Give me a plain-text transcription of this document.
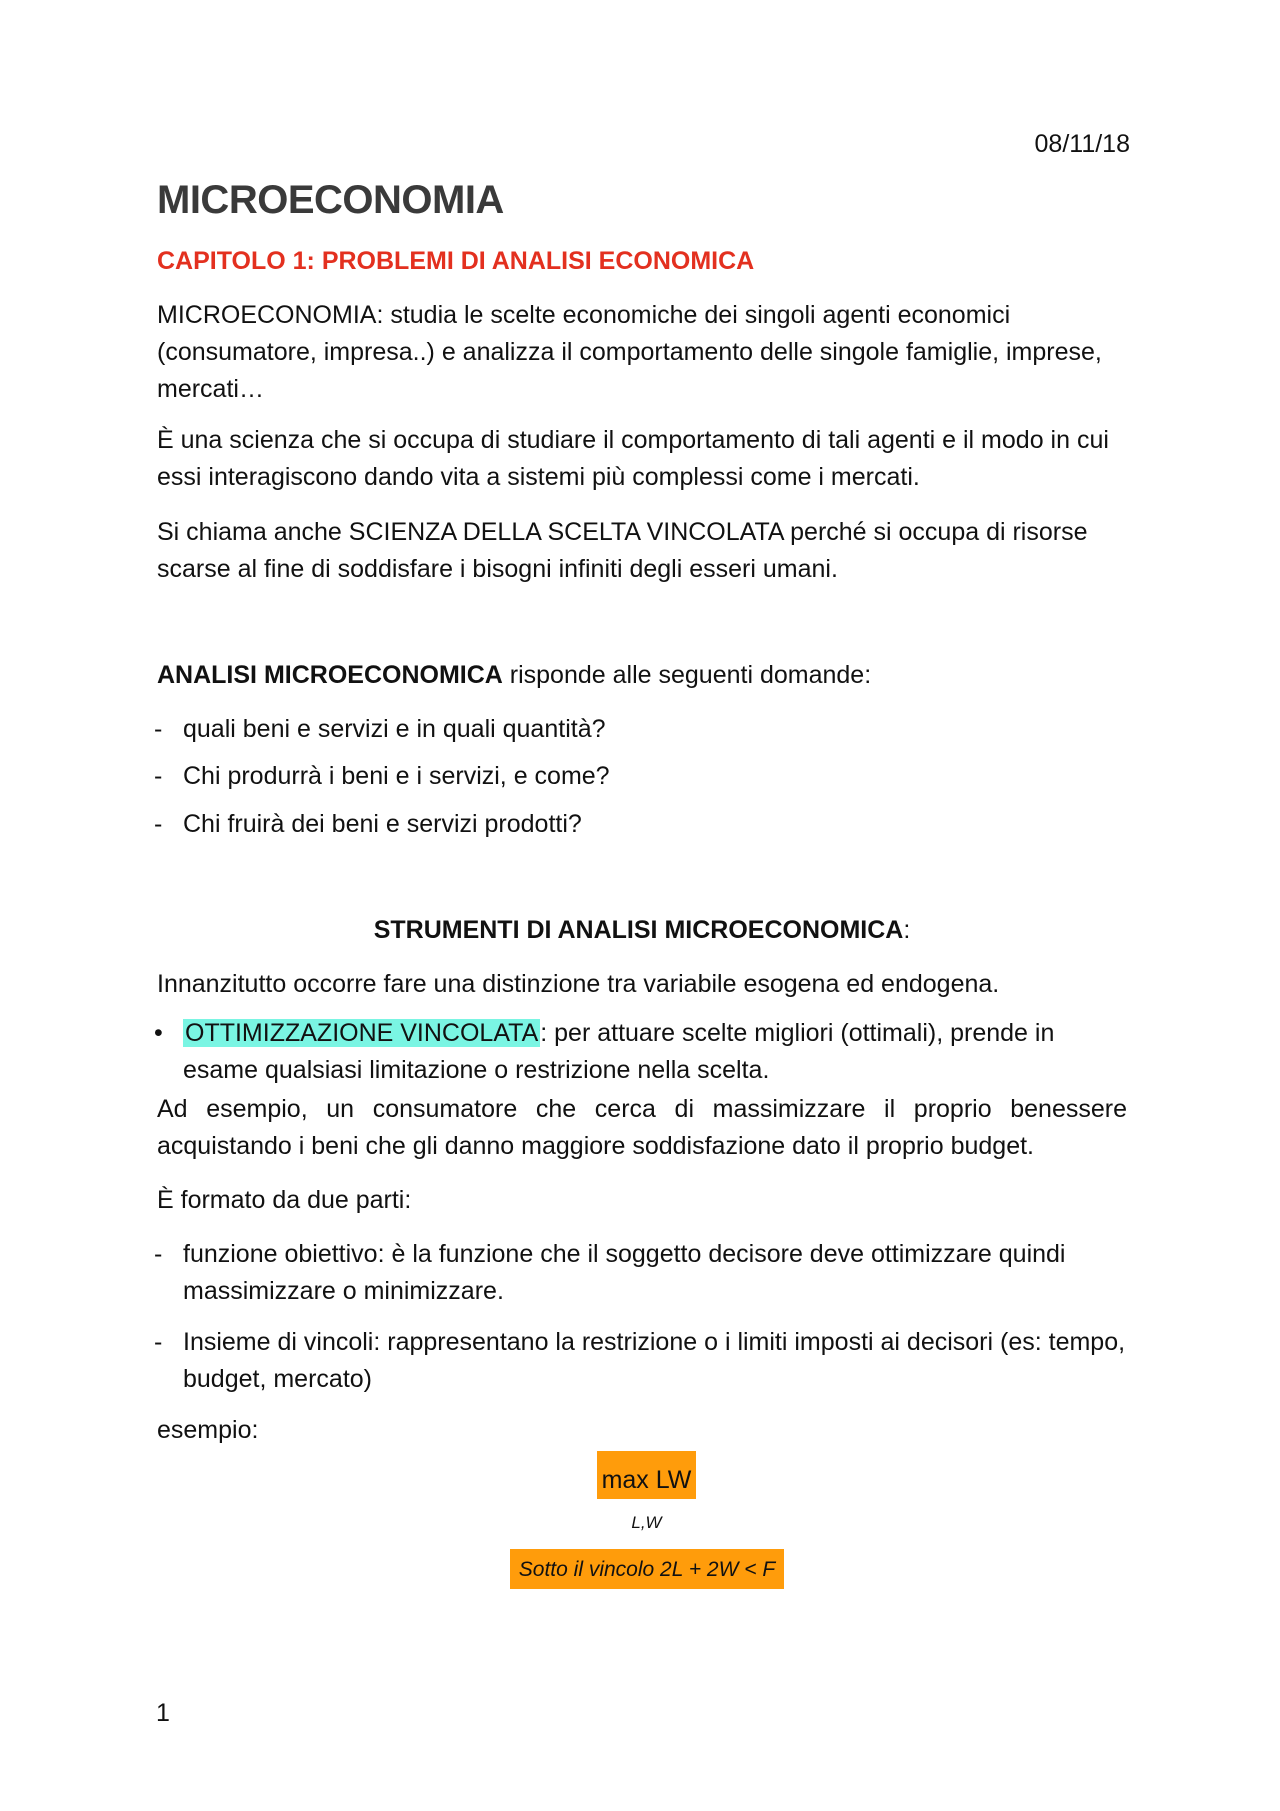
08/11/18
MICROECONOMIA
CAPITOLO 1: PROBLEMI DI ANALISI ECONOMICA

MICROECONOMIA: studia le scelte economiche dei singoli agenti economici (consumatore, impresa..) e analizza il comportamento delle singole famiglie, imprese, mercati…

È una scienza che si occupa di studiare il comportamento di tali agenti e il modo in cui essi interagiscono dando vita a sistemi più complessi come i mercati.

Si chiama anche SCIENZA DELLA SCELTA VINCOLATA perché si occupa di risorse scarse al fine di soddisfare i bisogni infiniti degli esseri umani.

ANALISI MICROECONOMICA risponde alle seguenti domande:

- quali beni e servizi e in quali quantità?
- Chi produrrà i beni e i servizi, e come?
- Chi fruirà dei beni e servizi prodotti?
STRUMENTI DI ANALISI MICROECONOMICA:

Innanzitutto occorre fare una distinzione tra variabile esogena ed endogena.

• OTTIMIZZAZIONE VINCOLATA: per attuare scelte migliori (ottimali), prende in esame qualsiasi limitazione o restrizione nella scelta.

Ad esempio, un consumatore che cerca di massimizzare il proprio benessere acquistando i beni che gli danno maggiore soddisfazione dato il proprio budget.

È formato da due parti:

- funzione obiettivo: è la funzione che il soggetto decisore deve ottimizzare quindi massimizzare o minimizzare.
- Insieme di vincoli: rappresentano la restrizione o i limiti imposti ai decisori (es: tempo, budget, mercato)

esempio:

max LW
L,W
Sotto il vincolo 2L + 2W < F
1
